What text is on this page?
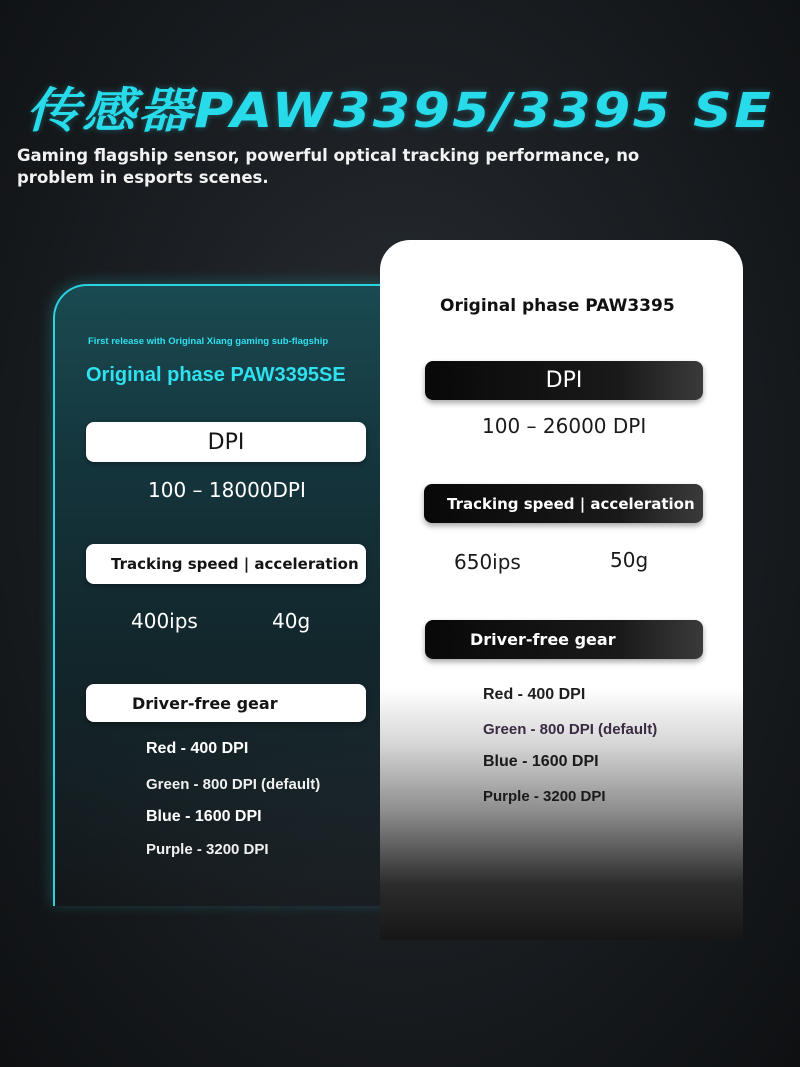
传感器PAW3395/3395 SE

Gaming flagship sensor, powerful optical tracking performance, no problem in esports scenes.

First release with Original Xiang gaming sub-flagship
Original phase PAW3395SE
DPI
100 – 18000DPI
Tracking speed | acceleration
400ips	40g
Driver-free gear
Red - 400 DPI
Green - 800 DPI (default)
Blue - 1600 DPI
Purple - 3200 DPI
Original phase PAW3395
DPI
100 – 26000 DPI
Tracking speed | acceleration
650ips	50g
Driver-free gear
Red - 400 DPI
Green - 800 DPI (default)
Blue - 1600 DPI
Purple - 3200 DPI
